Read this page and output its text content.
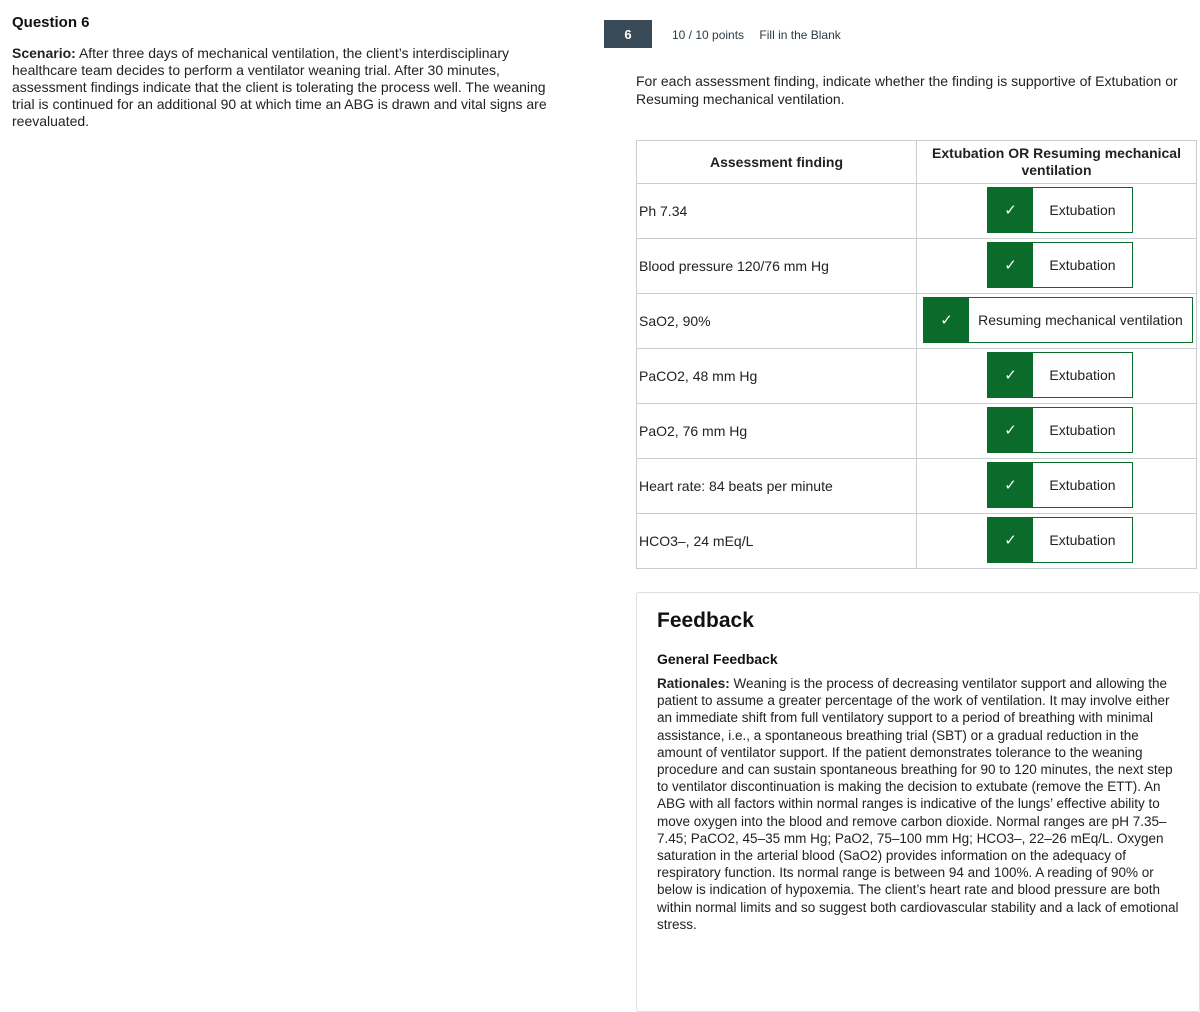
Question 6

Scenario: After three days of mechanical ventilation, the client’s interdisciplinary healthcare team decides to perform a ventilator weaning trial. After 30 minutes, assessment findings indicate that the client is tolerating the process well. The weaning trial is continued for an additional 90 at which time an ABG is drawn and vital signs are reevaluated.

6	10 / 10 points Fill in the Blank
For each assessment finding, indicate whether the finding is supportive of Extubation or Resuming mechanical ventilation.
Assessment finding	Extubation OR Resuming mechanical ventilation
Ph 7.34	✓ Extubation

Blood pressure 120/76 mm Hg	✓ Extubation

SaO2, 90%	✓ Resuming mechanical ventilation

PaCO2, 48 mm Hg	✓ Extubation

PaO2, 76 mm Hg	✓ Extubation

Heart rate: 84 beats per minute	✓ Extubation

HCO3–, 24 mEq/L	✓ Extubation

Feedback

General Feedback

Rationales: Weaning is the process of decreasing ventilator support and allowing the patient to assume a greater percentage of the work of ventilation. It may involve either an immediate shift from full ventilatory support to a period of breathing with minimal assistance, i.e., a spontaneous breathing trial (SBT) or a gradual reduction in the amount of ventilator support. If the patient demonstrates tolerance to the weaning procedure and can sustain spontaneous breathing for 90 to 120 minutes, the next step to ventilator discontinuation is making the decision to extubate (remove the ETT). An ABG with all factors within normal ranges is indicative of the lungs’ effective ability to move oxygen into the blood and remove carbon dioxide. Normal ranges are pH 7.35–7.45; PaCO2, 45–35 mm Hg; PaO2, 75–100 mm Hg; HCO3–, 22–26 mEq/L. Oxygen saturation in the arterial blood (SaO2) provides information on the adequacy of respiratory function. Its normal range is between 94 and 100%. A reading of 90% or below is indication of hypoxemia. The client’s heart rate and blood pressure are both within normal limits and so suggest both cardiovascular stability and a lack of emotional stress.
